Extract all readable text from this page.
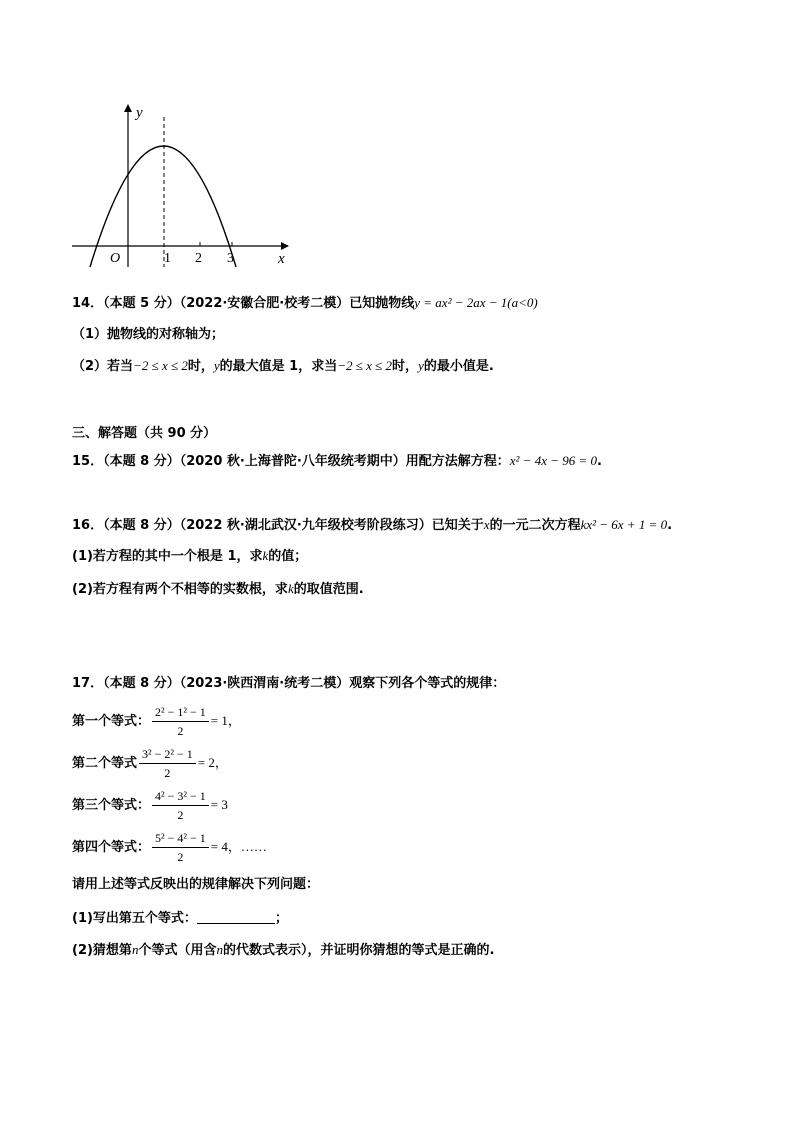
y
x
O	1 2 3
14．（本题 5 分）（2022·安徽合肥·校考二模）已知抛物线y = ax² − 2ax − 1(a<0)
（1）抛物线的对称轴为；
（2）若当−2 ≤ x ≤ 2时，y的最大值是 1，求当−2 ≤ x ≤ 2时，y的最小值是.
三、解答题（共 90 分）
15．（本题 8 分）（2020 秋·上海普陀·八年级统考期中）用配方法解方程：x² − 4x − 96 = 0.
16．（本题 8 分）（2022 秋·湖北武汉·九年级校考阶段练习）已知关于x的一元二次方程kx² − 6x + 1 = 0.
(1)若方程的其中一个根是 1，求k的值；
(2)若方程有两个不相等的实数根，求k的取值范围.
17．（本题 8 分）（2023·陕西渭南·统考二模）观察下列各个等式的规律：
第一个等式： $\frac{\text{2² − 1² − 1}}{2} = 1$，
第二个等式 $\frac{\text{3² − 2² − 1}}{2} = 2$，
第三个等式： $\frac{\text{4² − 3² − 1}}{2} = 3$
第四个等式： $\frac{\text{5² − 4² − 1}}{2} = 4$，……
请用上述等式反映出的规律解决下列问题：
(1)写出第五个等式：	；
(2)猜想第n个等式（用含n的代数式表示），并证明你猜想的等式是正确的.
